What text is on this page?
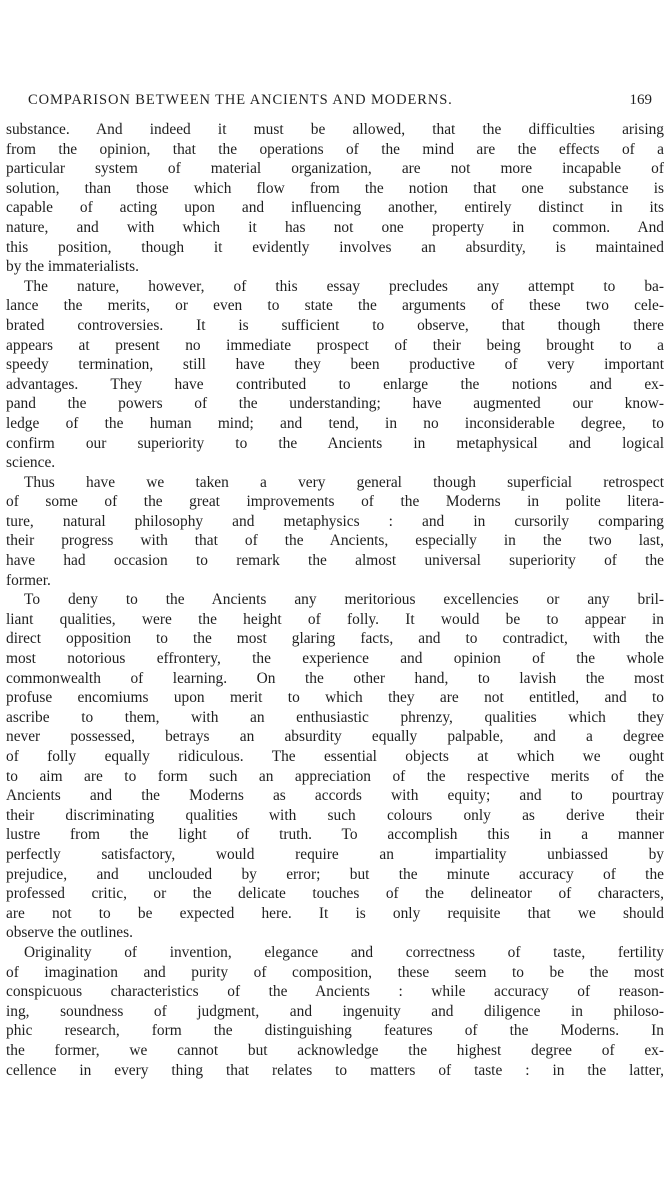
COMPARISON BETWEEN THE ANCIENTS AND MODERNS.	169
substance. And indeed it must be allowed, that the difficulties arising
from the opinion, that the operations of the mind are the effects of a
particular system of material organization, are not more incapable of
solution, than those which flow from the notion that one substance is
capable of acting upon and influencing another, entirely distinct in its
nature, and with which it has not one property in common. And
this position, though it evidently involves an absurdity, is maintained
by the immaterialists.
The nature, however, of this essay precludes any attempt to ba-
lance the merits, or even to state the arguments of these two cele-
brated controversies. It is sufficient to observe, that though there
appears at present no immediate prospect of their being brought to a
speedy termination, still have they been productive of very important
advantages. They have contributed to enlarge the notions and ex-
pand the powers of the understanding; have augmented our know-
ledge of the human mind; and tend, in no inconsiderable degree, to
confirm our superiority to the Ancients in metaphysical and logical
science.
Thus have we taken a very general though superficial retrospect
of some of the great improvements of the Moderns in polite litera-
ture, natural philosophy and metaphysics : and in cursorily comparing
their progress with that of the Ancients, especially in the two last,
have had occasion to remark the almost universal superiority of the
former.
To deny to the Ancients any meritorious excellencies or any bril-
liant qualities, were the height of folly. It would be to appear in
direct opposition to the most glaring facts, and to contradict, with the
most notorious effrontery, the experience and opinion of the whole
commonwealth of learning. On the other hand, to lavish the most
profuse encomiums upon merit to which they are not entitled, and to
ascribe to them, with an enthusiastic phrenzy, qualities which they
never possessed, betrays an absurdity equally palpable, and a degree
of folly equally ridiculous. The essential objects at which we ought
to aim are to form such an appreciation of the respective merits of the
Ancients and the Moderns as accords with equity; and to pourtray
their discriminating qualities with such colours only as derive their
lustre from the light of truth. To accomplish this in a manner
perfectly satisfactory, would require an impartiality unbiassed by
prejudice, and unclouded by error; but the minute accuracy of the
professed critic, or the delicate touches of the delineator of characters,
are not to be expected here. It is only requisite that we should
observe the outlines.
Originality of invention, elegance and correctness of taste, fertility
of imagination and purity of composition, these seem to be the most
conspicuous characteristics of the Ancients : while accuracy of reason-
ing, soundness of judgment, and ingenuity and diligence in philoso-
phic research, form the distinguishing features of the Moderns. In
the former, we cannot but acknowledge the highest degree of ex-
cellence in every thing that relates to matters of taste : in the latter,
